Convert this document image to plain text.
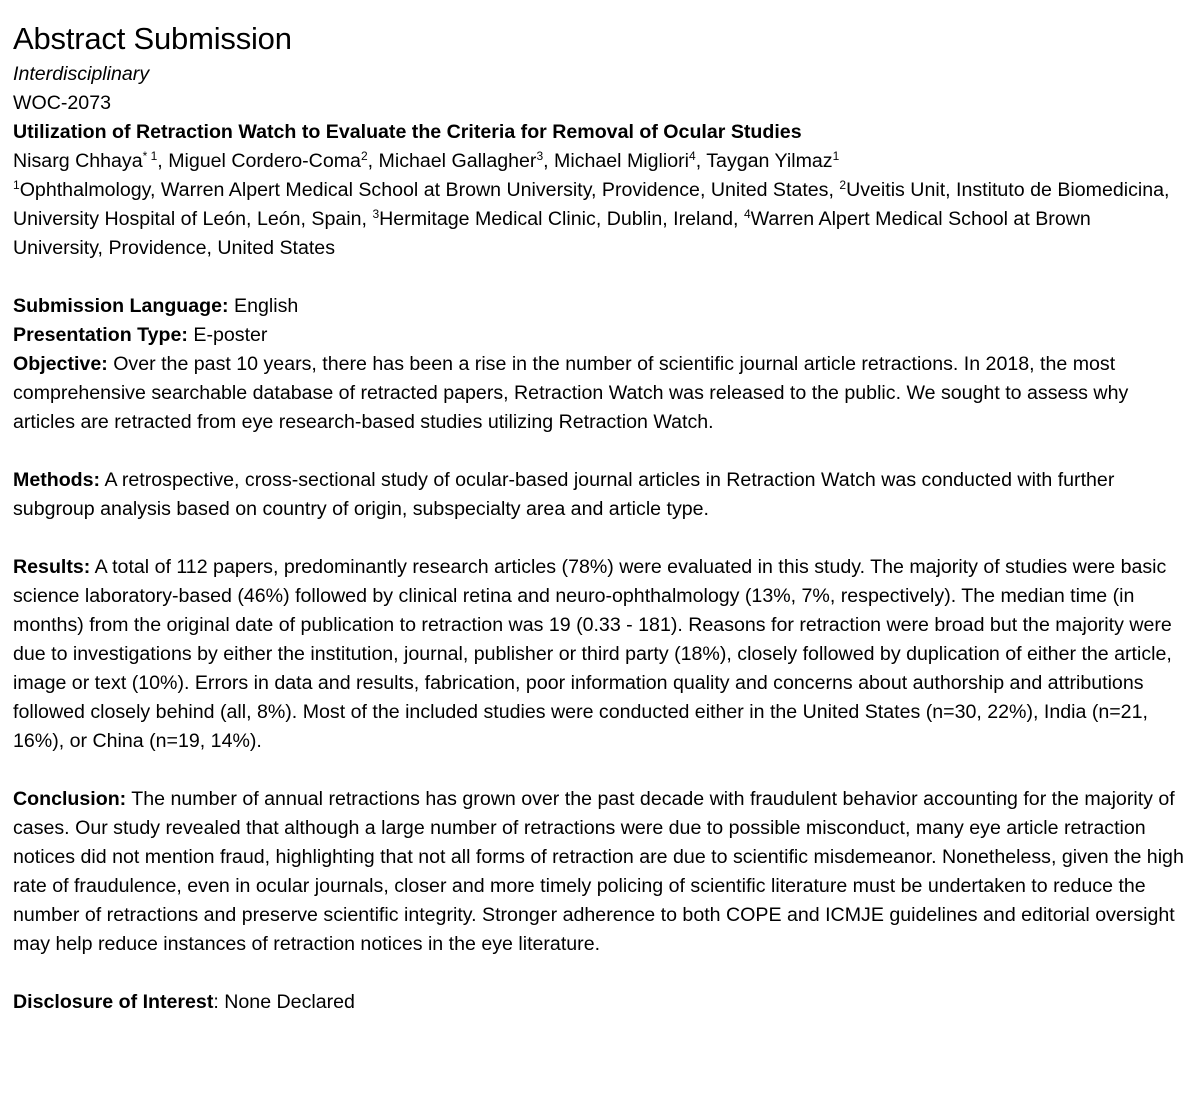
Abstract Submission

Interdisciplinary

WOC-2073

Utilization of Retraction Watch to Evaluate the Criteria for Removal of Ocular Studies

Nisarg Chhaya$^{* 1}$, Miguel Cordero-Coma$^2$, Michael Gallagher$^3$, Michael Migliori$^4$, Taygan Yilmaz$^1$

$^1$Ophthalmology, Warren Alpert Medical School at Brown University, Providence, United States, $^2$Uveitis Unit, Instituto de Biomedicina, University Hospital of León, León, Spain, $^3$Hermitage Medical Clinic, Dublin, Ireland, $^4$Warren Alpert Medical School at Brown University, Providence, United States

Submission Language: English

Presentation Type: E-poster

Objective: Over the past 10 years, there has been a rise in the number of scientific journal article retractions. In 2018, the most comprehensive searchable database of retracted papers, Retraction Watch was released to the public. We sought to assess why articles are retracted from eye research-based studies utilizing Retraction Watch.

Methods: A retrospective, cross-sectional study of ocular-based journal articles in Retraction Watch was conducted with further subgroup analysis based on country of origin, subspecialty area and article type.

Results: A total of 112 papers, predominantly research articles (78%) were evaluated in this study. The majority of studies were basic science laboratory-based (46%) followed by clinical retina and neuro-ophthalmology (13%, 7%, respectively). The median time (in months) from the original date of publication to retraction was 19 (0.33 - 181). Reasons for retraction were broad but the majority were due to investigations by either the institution, journal, publisher or third party (18%), closely followed by duplication of either the article, image or text (10%). Errors in data and results, fabrication, poor information quality and concerns about authorship and attributions followed closely behind (all, 8%). Most of the included studies were conducted either in the United States (n=30, 22%), India (n=21, 16%), or China (n=19, 14%).

Conclusion: The number of annual retractions has grown over the past decade with fraudulent behavior accounting for the majority of cases. Our study revealed that although a large number of retractions were due to possible misconduct, many eye article retraction notices did not mention fraud, highlighting that not all forms of retraction are due to scientific misdemeanor. Nonetheless, given the high rate of fraudulence, even in ocular journals, closer and more timely policing of scientific literature must be undertaken to reduce the number of retractions and preserve scientific integrity. Stronger adherence to both COPE and ICMJE guidelines and editorial oversight may help reduce instances of retraction notices in the eye literature.

Disclosure of Interest: None Declared
